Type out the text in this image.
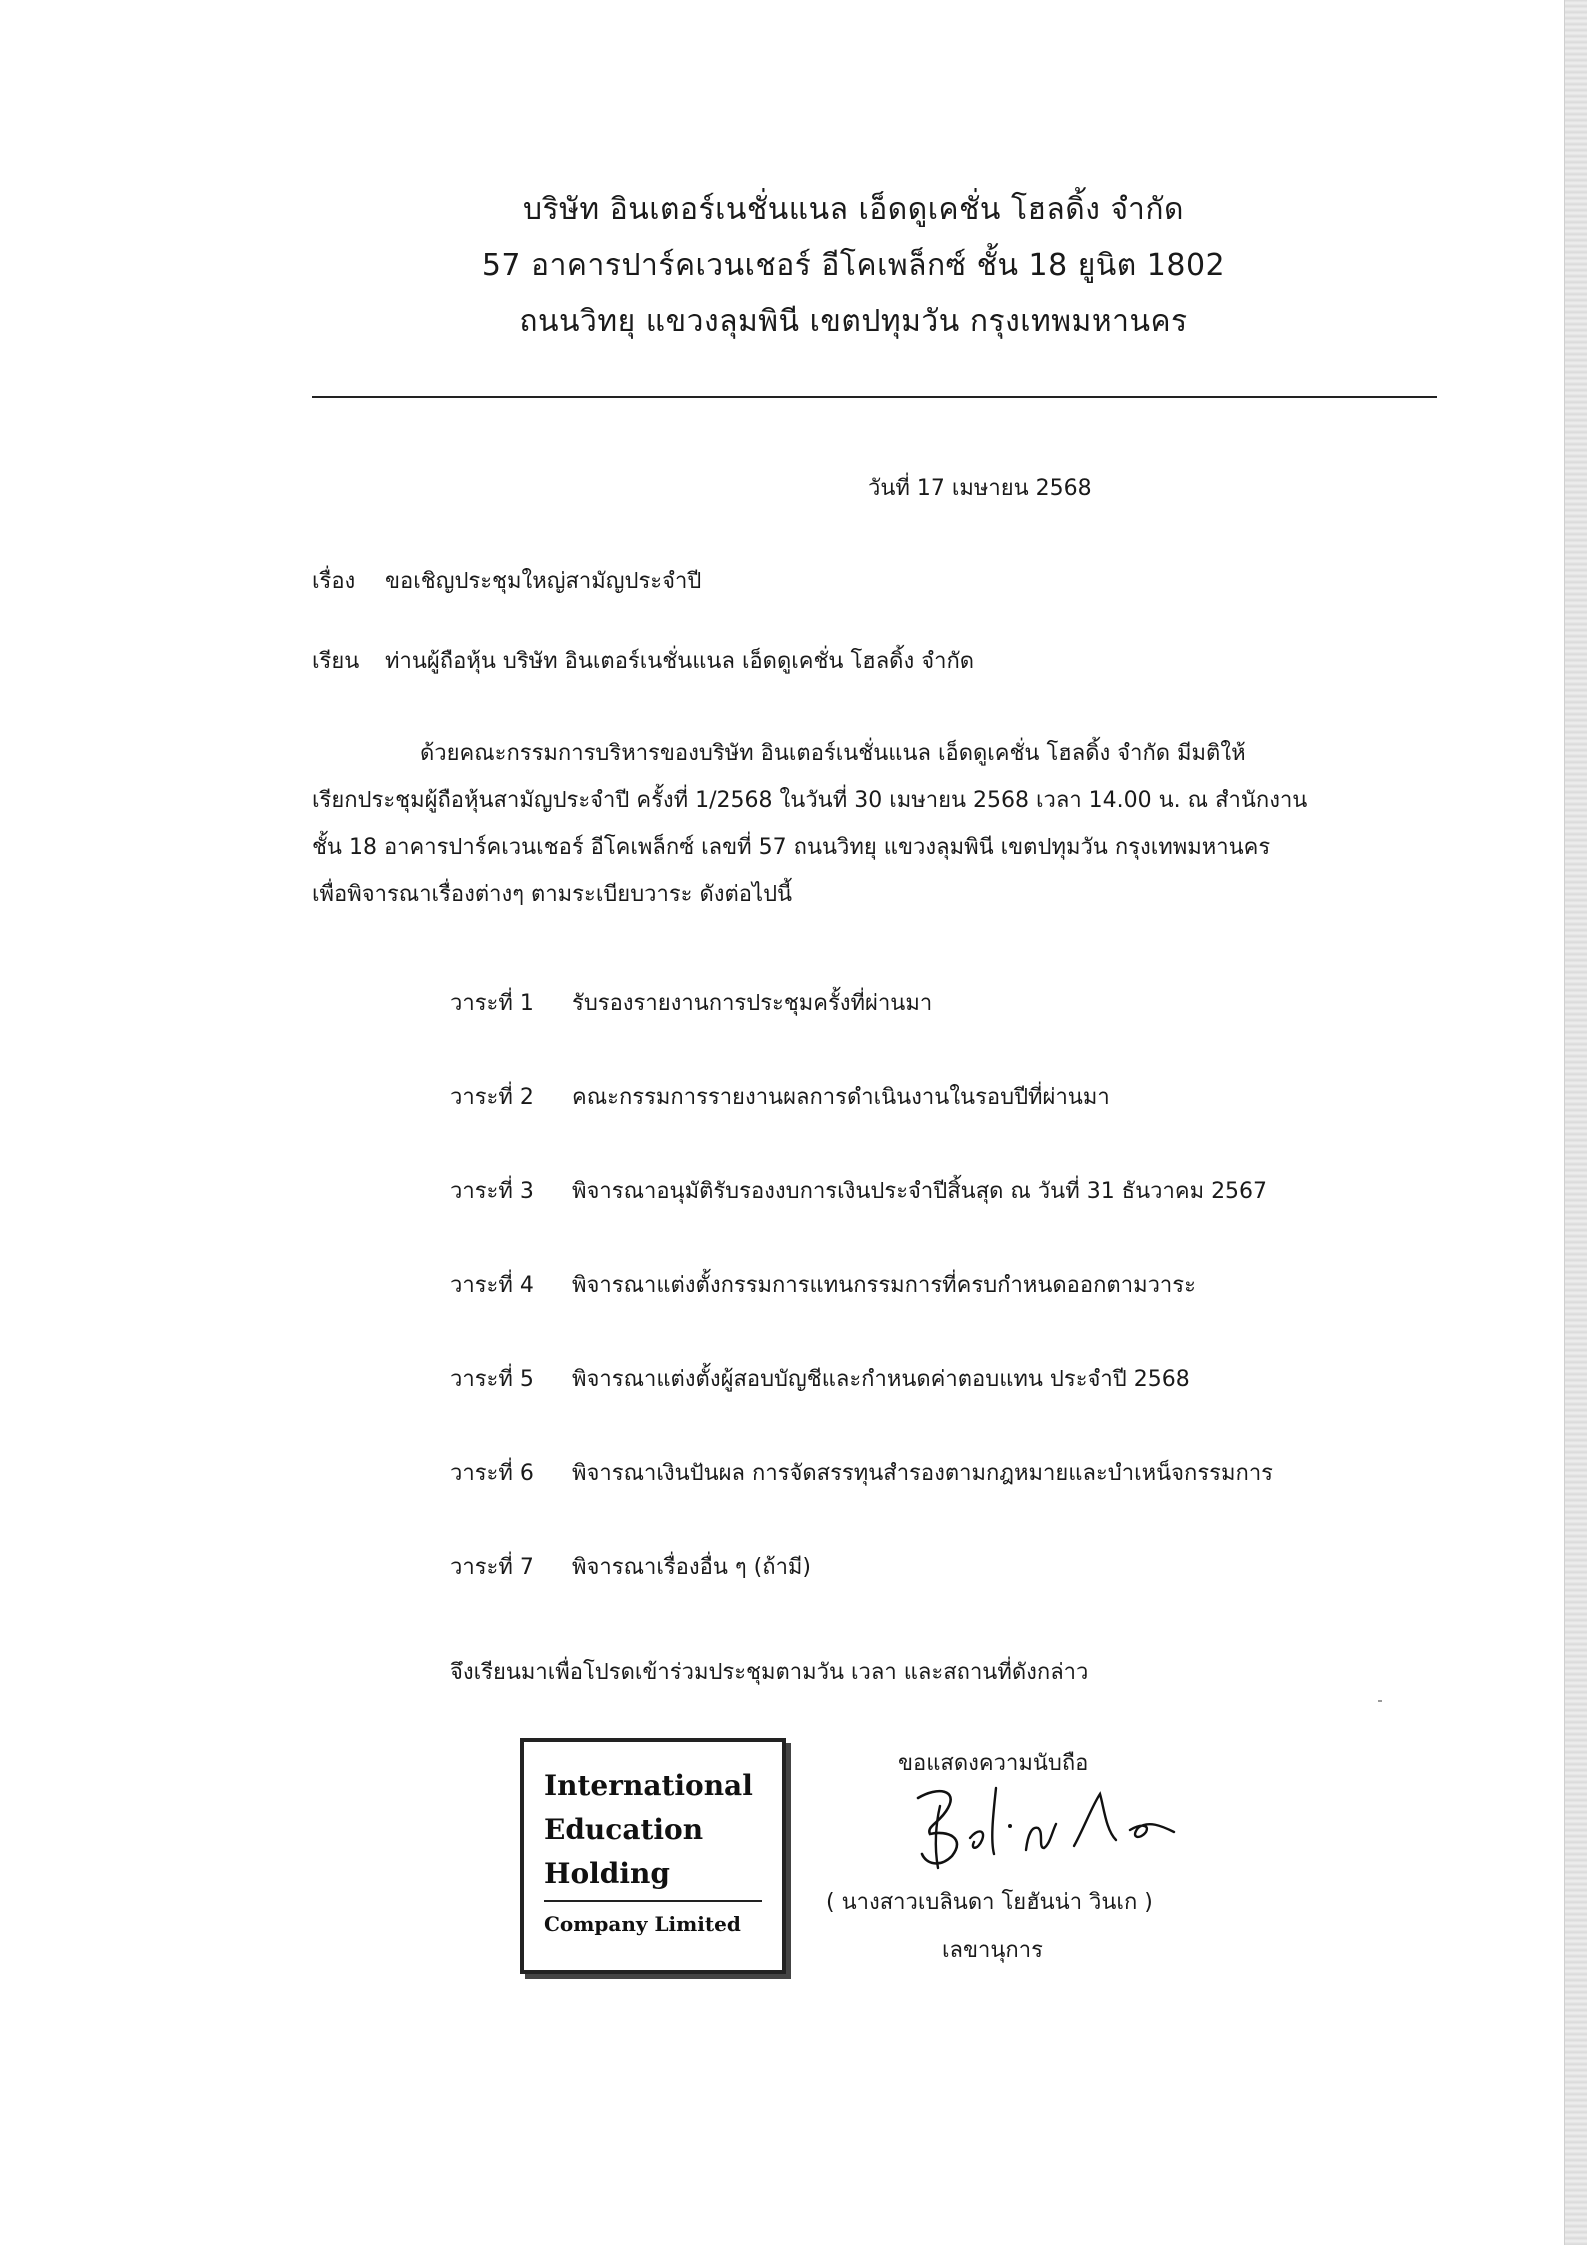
บริษัท อินเตอร์เนชั่นแนล เอ็ดดูเคชั่น โฮลดิ้ง จำกัด
57 อาคารปาร์คเวนเชอร์ อีโคเพล็กซ์ ชั้น 18 ยูนิต 1802
ถนนวิทยุ แขวงลุมพินี เขตปทุมวัน กรุงเทพมหานคร
วันที่ 17 เมษายน 2568
เรื่อง ขอเชิญประชุมใหญ่สามัญประจำปี
เรียน ท่านผู้ถือหุ้น บริษัท อินเตอร์เนชั่นแนล เอ็ดดูเคชั่น โฮลดิ้ง จำกัด
ด้วยคณะกรรมการบริหารของบริษัท อินเตอร์เนชั่นแนล เอ็ดดูเคชั่น โฮลดิ้ง จำกัด มีมติให้
เรียกประชุมผู้ถือหุ้นสามัญประจำปี ครั้งที่ 1/2568 ในวันที่ 30 เมษายน 2568 เวลา 14.00 น. ณ สำนักงาน
ชั้น 18 อาคารปาร์คเวนเชอร์ อีโคเพล็กซ์ เลขที่ 57 ถนนวิทยุ แขวงลุมพินี เขตปทุมวัน กรุงเทพมหานคร
เพื่อพิจารณาเรื่องต่างๆ ตามระเบียบวาระ ดังต่อไปนี้
วาระที่ 1 รับรองรายงานการประชุมครั้งที่ผ่านมา
วาระที่ 2 คณะกรรมการรายงานผลการดำเนินงานในรอบปีที่ผ่านมา
วาระที่ 3 พิจารณาอนุมัติรับรองงบการเงินประจำปีสิ้นสุด ณ วันที่ 31 ธันวาคม 2567
วาระที่ 4 พิจารณาแต่งตั้งกรรมการแทนกรรมการที่ครบกำหนดออกตามวาระ
วาระที่ 5 พิจารณาแต่งตั้งผู้สอบบัญชีและกำหนดค่าตอบแทน ประจำปี 2568
วาระที่ 6 พิจารณาเงินปันผล การจัดสรรทุนสำรองตามกฎหมายและบำเหน็จกรรมการ
วาระที่ 7 พิจารณาเรื่องอื่น ๆ (ถ้ามี)
จึงเรียนมาเพื่อโปรดเข้าร่วมประชุมตามวัน เวลา และสถานที่ดังกล่าว
International
Education
Holding
Company Limited
ขอแสดงความนับถือ
( นางสาวเบลินดา โยฮันน่า วินเก )
เลขานุการ
